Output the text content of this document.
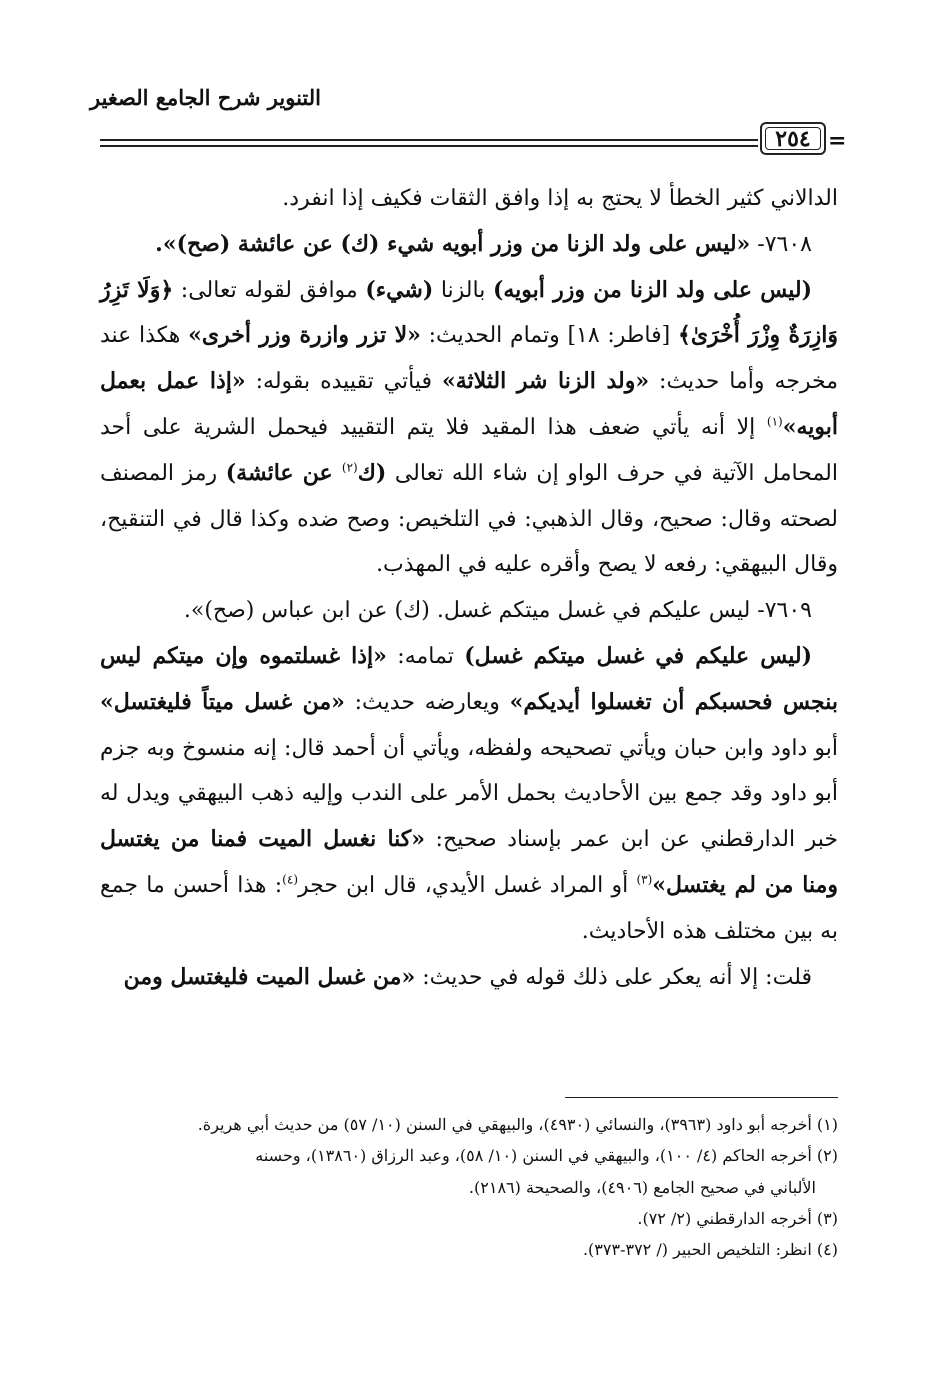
التنوير شرح الجامع الصغير
٢٥٤ =

الدالاني كثير الخطأ لا يحتج به إذا وافق الثقات فكيف إذا انفرد.

٧٦٠٨- «ليس على ولد الزنا من وزر أبويه شيء (ك) عن عائشة (صح)».

(ليس على ولد الزنا من وزر أبويه) بالزنا (شيء) موافق لقوله تعالى: ﴿وَلَا تَزِرُ وَازِرَةٌ وِزْرَ أُخْرَىٰ﴾ [فاطر: ١٨] وتمام الحديث: «لا تزر وازرة وزر أخرى» هكذا عند مخرجه وأما حديث: «ولد الزنا شر الثلاثة» فيأتي تقييده بقوله: «إذا عمل بعمل أبويه»$^{(١)}$ إلا أنه يأتي ضعف هذا المقيد فلا يتم التقييد فيحمل الشرية على أحد المحامل الآتية في حرف الواو إن شاء الله تعالى (ك$^{(٢)}$ عن عائشة) رمز المصنف لصحته وقال: صحيح، وقال الذهبي: في التلخيص: وصح ضده وكذا قال في التنقيح، وقال البيهقي: رفعه لا يصح وأقره عليه في المهذب.

٧٦٠٩- ليس عليكم في غسل ميتكم غسل. (ك) عن ابن عباس (صح)».

(ليس عليكم في غسل ميتكم غسل) تمامه: «إذا غسلتموه وإن ميتكم ليس بنجس فحسبكم أن تغسلوا أيديكم» ويعارضه حديث: «من غسل ميتاً فليغتسل» أبو داود وابن حبان ويأتي تصحيحه ولفظه، ويأتي أن أحمد قال: إنه منسوخ وبه جزم أبو داود وقد جمع بين الأحاديث بحمل الأمر على الندب وإليه ذهب البيهقي ويدل له خبر الدارقطني عن ابن عمر بإسناد صحيح: «كنا نغسل الميت فمنا من يغتسل ومنا من لم يغتسل»$^{(٣)}$ أو المراد غسل الأيدي، قال ابن حجر$^{(٤)}$: هذا أحسن ما جمع به بين مختلف هذه الأحاديث.

قلت: إلا أنه يعكر على ذلك قوله في حديث: «من غسل الميت فليغتسل ومن

(١) أخرجه أبو داود (٣٩٦٣)، والنسائي (٤٩٣٠)، والبيهقي في السنن (١٠/ ٥٧) من حديث أبي هريرة.

(٢) أخرجه الحاكم (٤/ ١٠٠)، والبيهقي في السنن (١٠/ ٥٨)، وعبد الرزاق (١٣٨٦٠)، وحسنه

الألباني في صحيح الجامع (٤٩٠٦)، والصحيحة (٢١٨٦).

(٣) أخرجه الدارقطني (٢/ ٧٢).

(٤) انظر: التلخيص الحبير (/ ٣٧٢-٣٧٣).
